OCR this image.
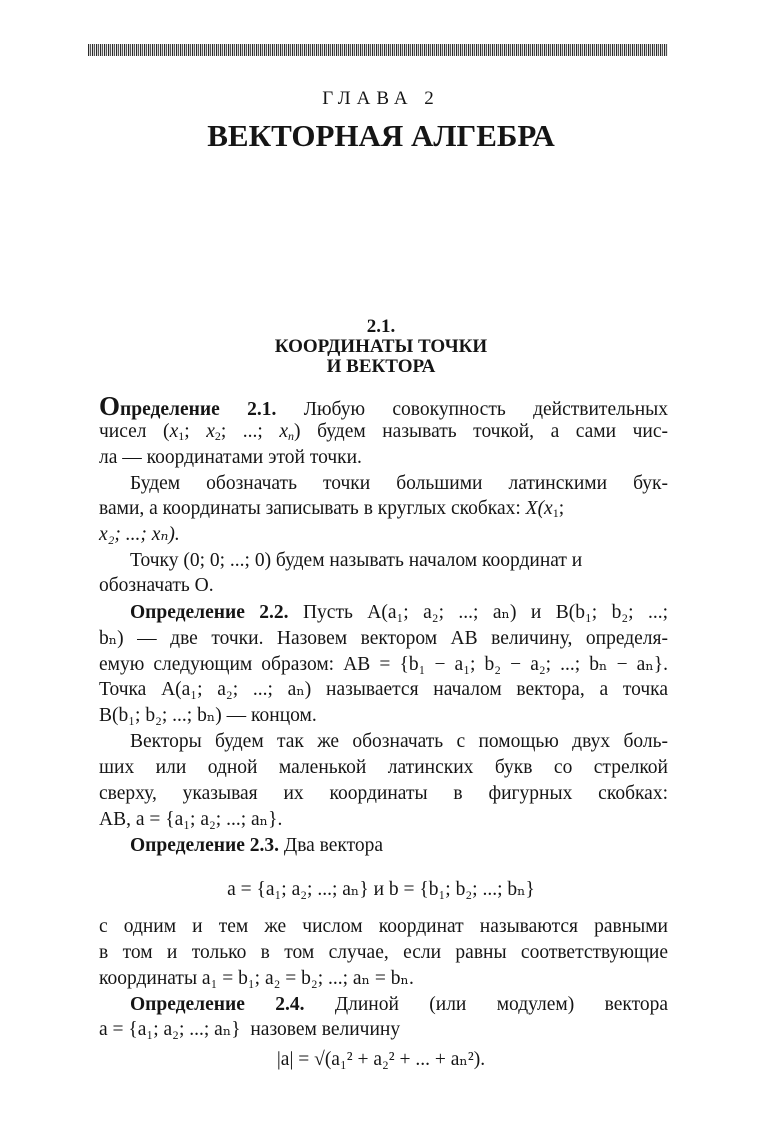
ГЛАВА 2
ВЕКТОРНАЯ АЛГЕБРА
2.1.
КООРДИНАТЫ ТОЧКИ
И ВЕКТОРА
Определение 2.1. Любую совокупность действительных
чисел ($x_1$; $x_2$; ...; $x_n$) будем называть точкой, а сами чис-
ла — координатами этой точки.
Будем обозначать точки большими латинскими бук-
вами, а координаты записывать в круглых скобках: $X(x_1$;
x₂; ...; xₙ).
Точку (0; 0; ...; 0) будем называть началом координат и
обозначать O.
Определение 2.2. Пусть A(a₁; a₂; ...; aₙ) и B(b₁; b₂; ...;
bₙ) — две точки. Назовем вектором AB величину, определя-
емую следующим образом: AB = {b₁ − a₁; b₂ − a₂; ...; bₙ − aₙ}.
Точка A(a₁; a₂; ...; aₙ) называется началом вектора, а точка
B(b₁; b₂; ...; bₙ) — концом.
Векторы будем так же обозначать с помощью двух боль-
ших или одной маленькой латинских букв со стрелкой
сверху, указывая их координаты в фигурных скобках:
AB, a = {a₁; a₂; ...; aₙ}.
Определение 2.3. Два вектора
a = {a₁; a₂; ...; aₙ} и b = {b₁; b₂; ...; bₙ}
с одним и тем же числом координат называются равными
в том и только в том случае, если равны соответствующие
координаты a₁ = b₁; a₂ = b₂; ...; aₙ = bₙ.
Определение 2.4. Длиной (или модулем) вектора
a = {a₁; a₂; ...; aₙ} назовем величину
|a| = √(a₁² + a₂² + ... + aₙ²).
